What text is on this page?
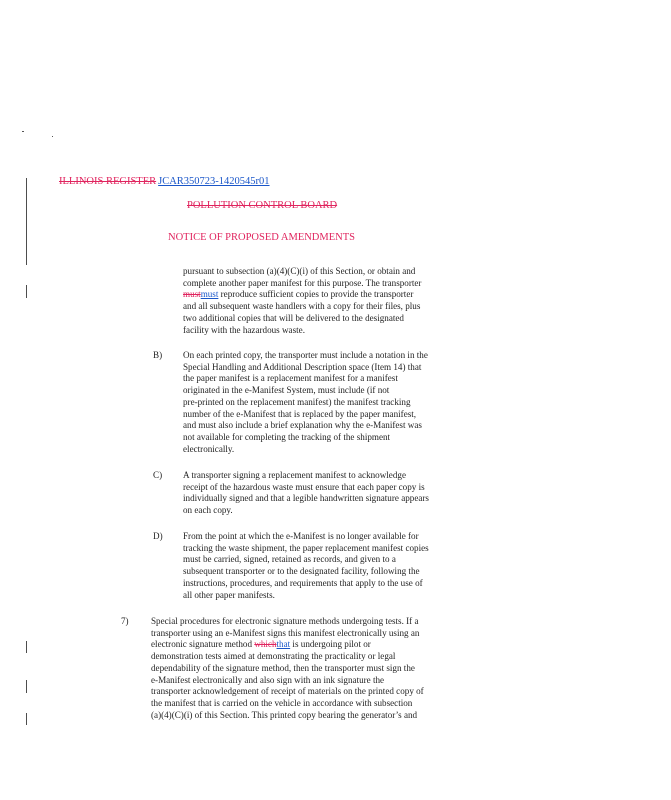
ILLINOIS REGISTER JCAR350723-1420545r01
POLLUTION CONTROL BOARD
NOTICE OF PROPOSED AMENDMENTS
pursuant to subsection (a)(4)(C)(i) of this Section, or obtain and
complete another paper manifest for this purpose. The transporter
mustmust reproduce sufficient copies to provide the transporter
and all subsequent waste handlers with a copy for their files, plus
two additional copies that will be delivered to the designated
facility with the hazardous waste.
B) On each printed copy, the transporter must include a notation in the
Special Handling and Additional Description space (Item 14) that
the paper manifest is a replacement manifest for a manifest
originated in the e-Manifest System, must include (if not
pre-printed on the replacement manifest) the manifest tracking
number of the e-Manifest that is replaced by the paper manifest,
and must also include a brief explanation why the e-Manifest was
not available for completing the tracking of the shipment
electronically.
C) A transporter signing a replacement manifest to acknowledge
receipt of the hazardous waste must ensure that each paper copy is
individually signed and that a legible handwritten signature appears
on each copy.
D) From the point at which the e-Manifest is no longer available for
tracking the waste shipment, the paper replacement manifest copies
must be carried, signed, retained as records, and given to a
subsequent transporter or to the designated facility, following the
instructions, procedures, and requirements that apply to the use of
all other paper manifests.
7) Special procedures for electronic signature methods undergoing tests. If a
transporter using an e-Manifest signs this manifest electronically using an
electronic signature method whichthat is undergoing pilot or
demonstration tests aimed at demonstrating the practicality or legal
dependability of the signature method, then the transporter must sign the
e-Manifest electronically and also sign with an ink signature the
transporter acknowledgement of receipt of materials on the printed copy of
the manifest that is carried on the vehicle in accordance with subsection
(a)(4)(C)(i) of this Section. This printed copy bearing the generator’s and
